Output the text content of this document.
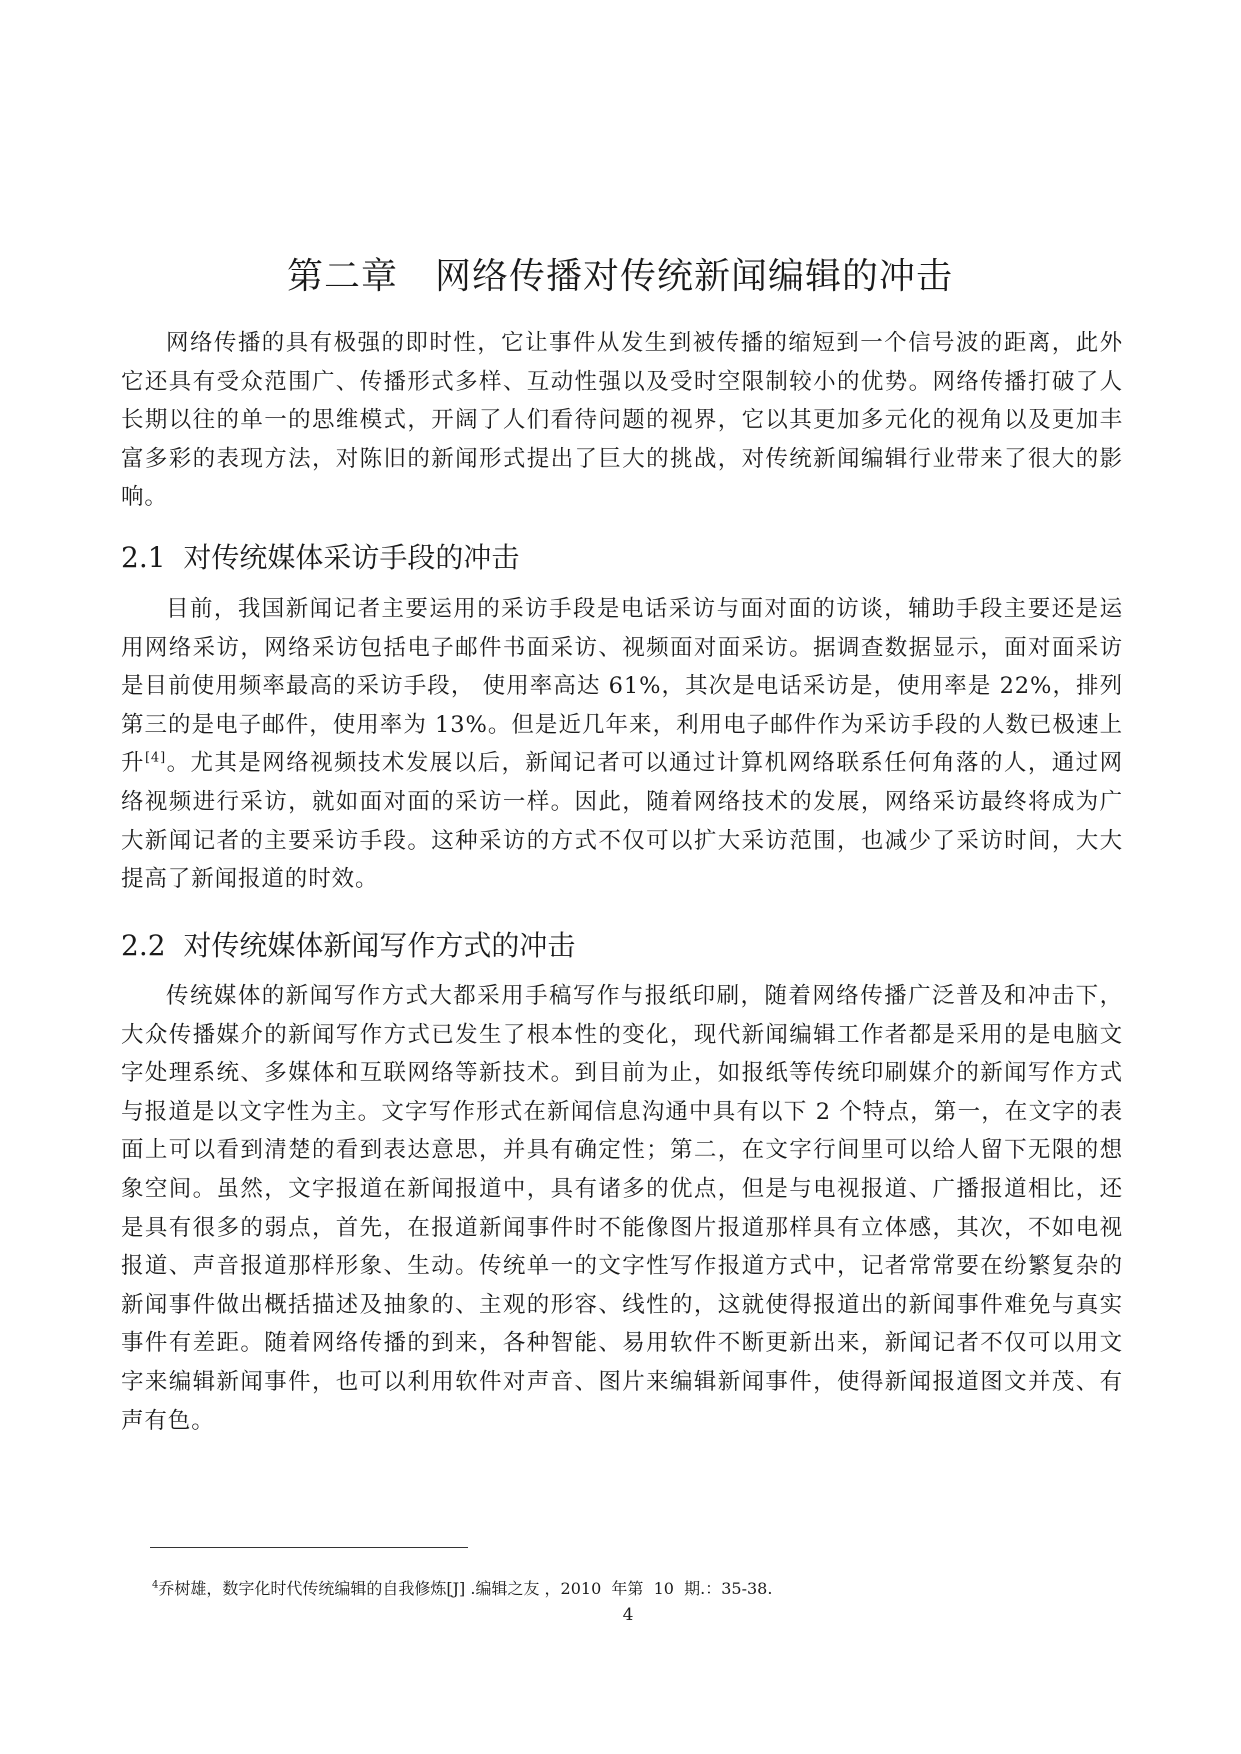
第二章　网络传播对传统新闻编辑的冲击

网络传播的具有极强的即时性，它让事件从发生到被传播的缩短到一个信号波的距离，此外它还具有受众范围广、传播形式多样、互动性强以及受时空限制较小的优势。网络传播打破了人长期以往的单一的思维模式，开阔了人们看待问题的视界，它以其更加多元化的视角以及更加丰富多彩的表现方法，对陈旧的新闻形式提出了巨大的挑战，对传统新闻编辑行业带来了很大的影响。

2.1 对传统媒体采访手段的冲击

目前，我国新闻记者主要运用的采访手段是电话采访与面对面的访谈，辅助手段主要还是运用网络采访，网络采访包括电子邮件书面采访、视频面对面采访。据调查数据显示，面对面采访是目前使用频率最高的采访手段， 使用率高达 61%，其次是电话采访是，使用率是 22%，排列第三的是电子邮件，使用率为 13%。但是近几年来，利用电子邮件作为采访手段的人数已极速上升[4]。尤其是网络视频技术发展以后，新闻记者可以通过计算机网络联系任何角落的人，通过网络视频进行采访，就如面对面的采访一样。因此，随着网络技术的发展，网络采访最终将成为广大新闻记者的主要采访手段。这种采访的方式不仅可以扩大采访范围，也减少了采访时间，大大提高了新闻报道的时效。

2.2 对传统媒体新闻写作方式的冲击

传统媒体的新闻写作方式大都采用手稿写作与报纸印刷，随着网络传播广泛普及和冲击下，大众传播媒介的新闻写作方式已发生了根本性的变化，现代新闻编辑工作者都是采用的是电脑文字处理系统、多媒体和互联网络等新技术。到目前为止，如报纸等传统印刷媒介的新闻写作方式与报道是以文字性为主。文字写作形式在新闻信息沟通中具有以下 2 个特点，第一，在文字的表面上可以看到清楚的看到表达意思，并具有确定性；第二，在文字行间里可以给人留下无限的想象空间。虽然，文字报道在新闻报道中，具有诸多的优点，但是与电视报道、广播报道相比，还是具有很多的弱点，首先，在报道新闻事件时不能像图片报道那样具有立体感，其次，不如电视报道、声音报道那样形象、生动。传统单一的文字性写作报道方式中，记者常常要在纷繁复杂的新闻事件做出概括描述及抽象的、主观的形容、线性的，这就使得报道出的新闻事件难免与真实事件有差距。随着网络传播的到来，各种智能、易用软件不断更新出来，新闻记者不仅可以用文字来编辑新闻事件，也可以利用软件对声音、图片来编辑新闻事件，使得新闻报道图文并茂、有声有色。

$^4$乔树雄，数字化时代传统编辑的自我修炼[J] .编辑之友 ，2010  年第  10  期.：35-38.

4
